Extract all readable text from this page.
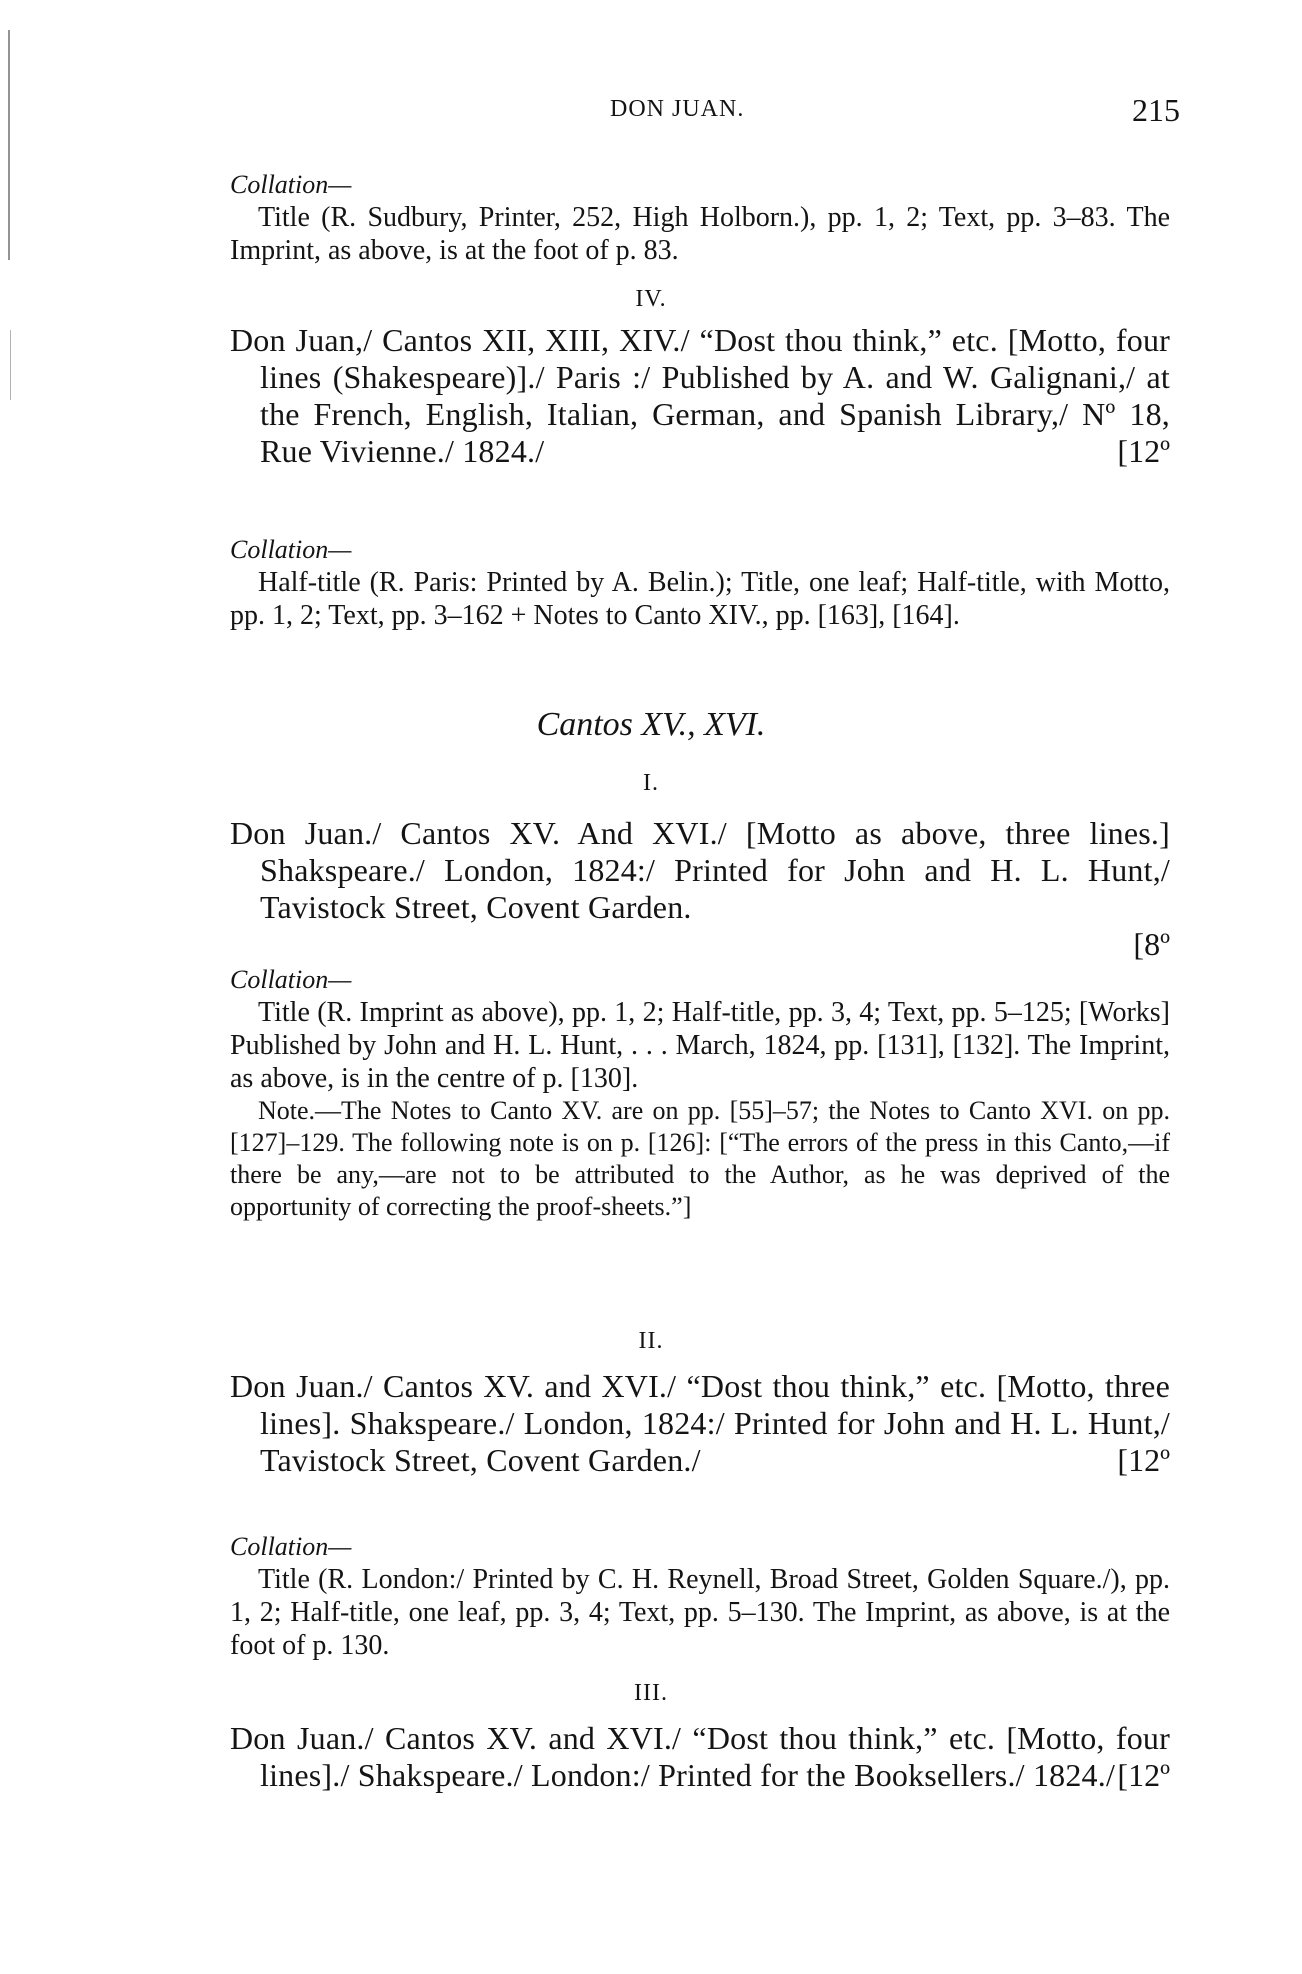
DON JUAN.	215
Collation—
Title (R. Sudbury, Printer, 252, High Holborn.), pp. 1, 2; Text, pp. 3–83. The Imprint, as above, is at the foot of p. 83.
IV.
Don Juan,/ Cantos XII, XIII, XIV./ “Dost thou think,” etc. [Motto, four lines (Shakespeare)]./ Paris :/ Published by A. and W. Galignani,/ at the French, English, Italian, German, and Spanish Library,/ Nº 18, Rue Vivienne./ 1824./	[12º
Collation—
Half-title (R. Paris: Printed by A. Belin.); Title, one leaf; Half-title, with Motto, pp. 1, 2; Text, pp. 3–162 + Notes to Canto XIV., pp. [163], [164].
Cantos XV., XVI.
I.
Don Juan./ Cantos XV. And XVI./ [Motto as above, three lines.] Shakspeare./ London, 1824:/ Printed for John and H. L. Hunt,/ Tavistock Street, Covent Garden.
[8º
Collation—
Title (R. Imprint as above), pp. 1, 2; Half-title, pp. 3, 4; Text, pp. 5–125; [Works] Published by John and H. L. Hunt, . . . March, 1824, pp. [131], [132]. The Imprint, as above, is in the centre of p. [130].
Note.—The Notes to Canto XV. are on pp. [55]–57; the Notes to Canto XVI. on pp. [127]–129. The following note is on p. [126]: [“The errors of the press in this Canto,—if there be any,—are not to be attributed to the Author, as he was deprived of the opportunity of correcting the proof-sheets.”]
II.
Don Juan./ Cantos XV. and XVI./ “Dost thou think,” etc. [Motto, three lines]. Shakspeare./ London, 1824:/ Printed for John and H. L. Hunt,/ Tavistock Street, Covent Garden./	[12º
Collation—
Title (R. London:/ Printed by C. H. Reynell, Broad Street, Golden Square./), pp. 1, 2; Half-title, one leaf, pp. 3, 4; Text, pp. 5–130. The Imprint, as above, is at the foot of p. 130.
III.
Don Juan./ Cantos XV. and XVI./ “Dost thou think,” etc. [Motto, four lines]./ Shakspeare./ London:/ Printed for the Booksellers./ 1824./ [12º
